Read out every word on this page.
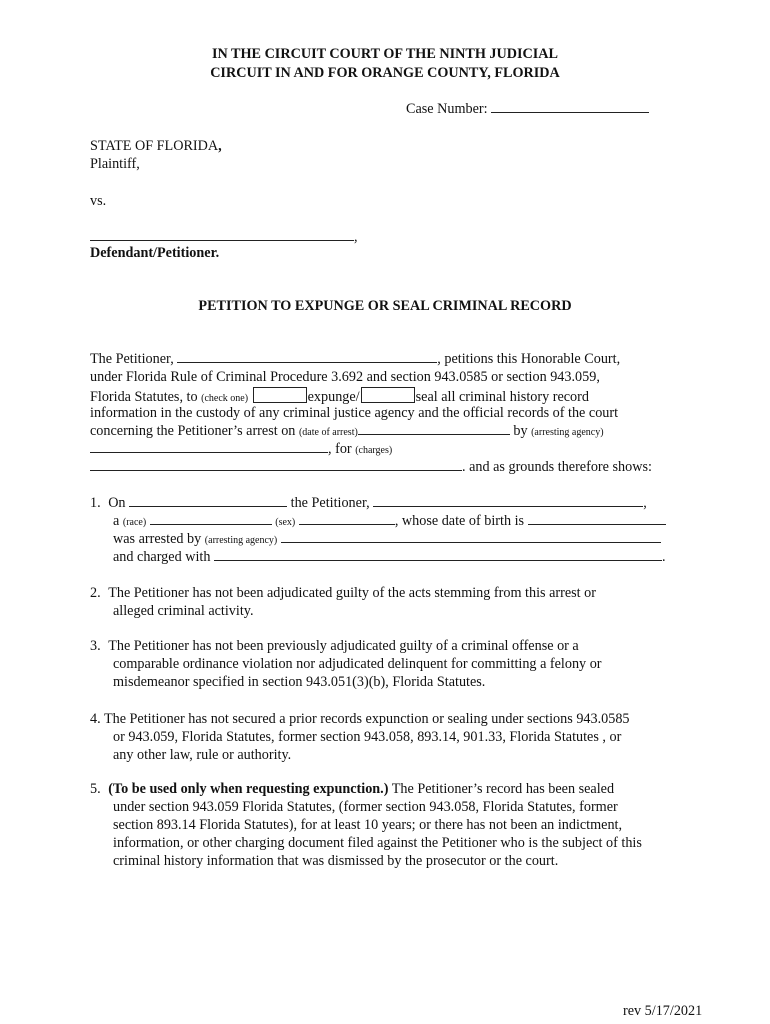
IN THE CIRCUIT COURT OF THE NINTH JUDICIAL
CIRCUIT IN AND FOR ORANGE COUNTY, FLORIDA
Case Number:
STATE OF FLORIDA,
Plaintiff,
vs.
,
Defendant/Petitioner.
PETITION TO EXPUNGE OR SEAL CRIMINAL RECORD
The Petitioner,	, petitions this Honorable Court,
under Florida Rule of Criminal Procedure 3.692 and section 943.0585 or section 943.059,
Florida Statutes, to (check one)	expunge/	seal all criminal history record
information in the custody of any criminal justice agency and the official records of the court
concerning the Petitioner’s arrest on (date of arrest)	by (arresting agency)
, for (charges)
. and as grounds therefore shows:
1. On	the Petitioner,	,
a (race)	(sex)	, whose date of birth is
was arrested by (arresting agency)
and charged with	.
2. The Petitioner has not been adjudicated guilty of the acts stemming from this arrest or
alleged criminal activity.
3. The Petitioner has not been previously adjudicated guilty of a criminal offense or a
comparable ordinance violation nor adjudicated delinquent for committing a felony or
misdemeanor specified in section 943.051(3)(b), Florida Statutes.
4. The Petitioner has not secured a prior records expunction or sealing under sections 943.0585
or 943.059, Florida Statutes, former section 943.058, 893.14, 901.33, Florida Statutes , or
any other law, rule or authority.
5. (To be used only when requesting expunction.) The Petitioner’s record has been sealed
under section 943.059 Florida Statutes, (former section 943.058, Florida Statutes, former
section 893.14 Florida Statutes), for at least 10 years; or there has not been an indictment,
information, or other charging document filed against the Petitioner who is the subject of this
criminal history information that was dismissed by the prosecutor or the court.
rev 5/17/2021
